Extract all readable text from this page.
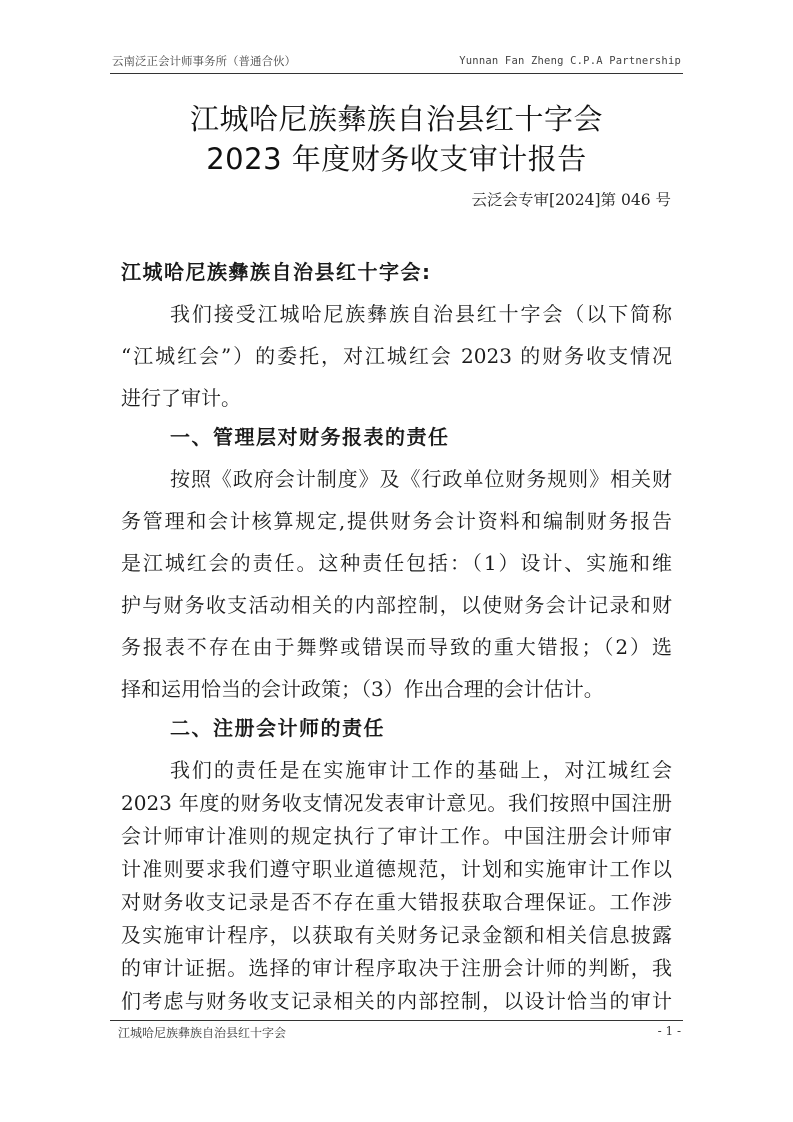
云南泛正会计师事务所（普通合伙）	Yunnan Fan Zheng C.P.A Partnership
江城哈尼族彝族自治县红十字会
2023 年度财务收支审计报告
云泛会专审[2024]第 046 号
江城哈尼族彝族自治县红十字会:
我们接受江城哈尼族彝族自治县红十字会（以下简称
“江城红会”）的委托，对江城红会 2023 的财务收支情况
进行了审计。
一、管理层对财务报表的责任
按照《政府会计制度》及《行政单位财务规则》相关财
务管理和会计核算规定,提供财务会计资料和编制财务报告
是江城红会的责任。这种责任包括：（1）设计、实施和维
护与财务收支活动相关的内部控制，以使财务会计记录和财
务报表不存在由于舞弊或错误而导致的重大错报；（2）选
择和运用恰当的会计政策；（3）作出合理的会计估计。
二、注册会计师的责任
我们的责任是在实施审计工作的基础上，对江城红会
2023 年度的财务收支情况发表审计意见。我们按照中国注册
会计师审计准则的规定执行了审计工作。中国注册会计师审
计准则要求我们遵守职业道德规范，计划和实施审计工作以
对财务收支记录是否不存在重大错报获取合理保证。工作涉
及实施审计程序，以获取有关财务记录金额和相关信息披露
江城哈尼族彝族自治县红十字会	- 1 -
的审计证据。选择的审计程序取决于注册会计师的判断，我
们考虑与财务收支记录相关的内部控制，以设计恰当的审计
